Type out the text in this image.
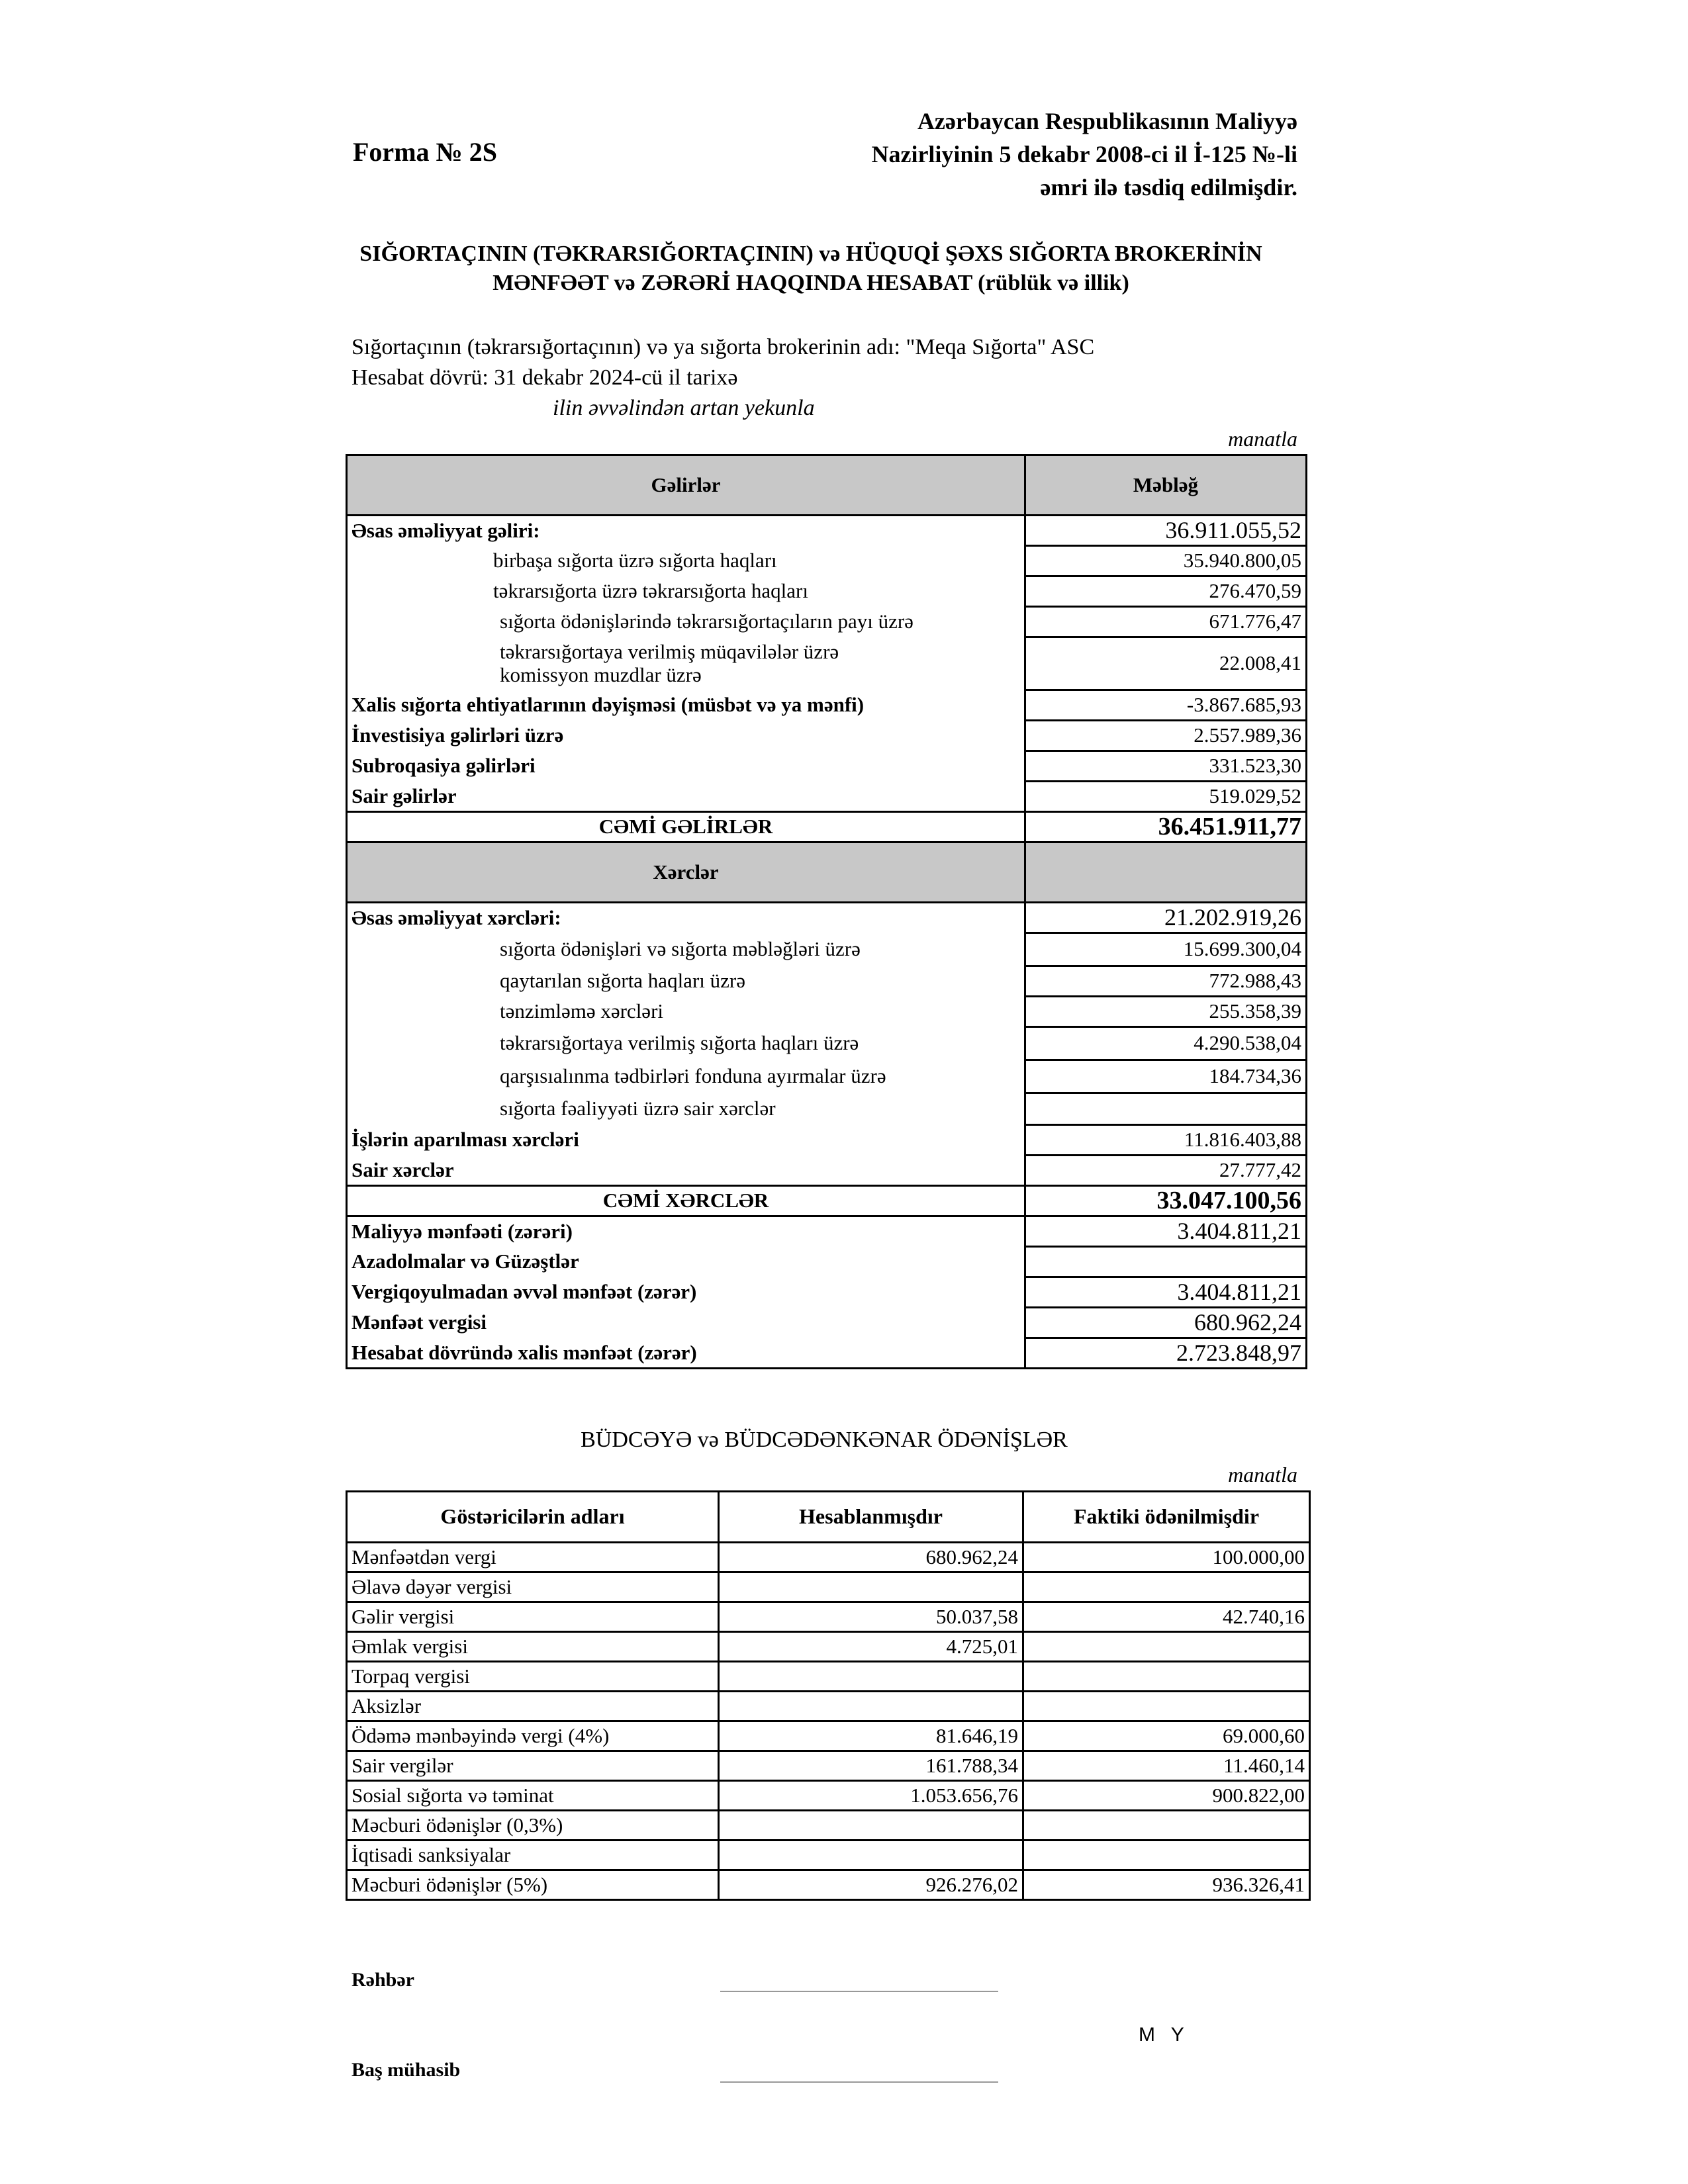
Forma № 2S
Azərbaycan Respublikasının Maliyyə
Nazirliyinin 5 dekabr 2008-ci il İ-125 №-li
əmri ilə təsdiq edilmişdir.
SIĞORTAÇININ (TƏKRARSIĞORTAÇININ) və HÜQUQİ ŞƏXS SIĞORTA BROKERİNİN
MƏNFƏƏT və ZƏRƏRİ HAQQINDA HESABAT (rüblük və illik)
Sığortaçının (təkrarsığortaçının) və ya sığorta brokerinin adı: "Meqa Sığorta" ASC
Hesabat dövrü: 31 dekabr 2024-cü il tarixə
ilin əvvəlindən artan yekunla
manatla
Gəlirlər	Məbləğ
Əsas əməliyyat gəliri:	36.911.055,52
birbaşa sığorta üzrə sığorta haqları	35.940.800,05
təkrarsığorta üzrə təkrarsığorta haqları	276.470,59
sığorta ödənişlərində təkrarsığortaçıların payı üzrə	671.776,47
təkrarsığortaya verilmiş müqavilələr üzrə komissyon muzdlar üzrə	22.008,41
Xalis sığorta ehtiyatlarının dəyişməsi (müsbət və ya mənfi)	-3.867.685,93
İnvestisiya gəlirləri üzrə	2.557.989,36
Subroqasiya gəlirləri	331.523,30
Sair gəlirlər	519.029,52
CƏMİ GƏLİRLƏR	36.451.911,77
Xərclər	
Əsas əməliyyat xərcləri:	21.202.919,26
sığorta ödənişləri və sığorta məbləğləri üzrə	15.699.300,04
qaytarılan sığorta haqları üzrə	772.988,43
tənzimləmə xərcləri	255.358,39
təkrarsığortaya verilmiş sığorta haqları üzrə	4.290.538,04
qarşısıalınma tədbirləri fonduna ayırmalar üzrə	184.734,36
sığorta fəaliyyəti üzrə sair xərclər	
İşlərin aparılması xərcləri	11.816.403,88
Sair xərclər	27.777,42
CƏMİ XƏRCLƏR	33.047.100,56
Maliyyə mənfəəti (zərəri)	3.404.811,21
Azadolmalar və Güzəştlər	
Vergiqoyulmadan əvvəl mənfəət (zərər)	3.404.811,21
Mənfəət vergisi	680.962,24
Hesabat dövründə xalis mənfəət (zərər)	2.723.848,97
BÜDCƏYƏ və BÜDCƏDƏNKƏNAR ÖDƏNİŞLƏR
manatla
Göstəricilərin adları	Hesablanmışdır	Faktiki ödənilmişdir
Mənfəətdən vergi	680.962,24	100.000,00
Əlavə dəyər vergisi		
Gəlir vergisi	50.037,58	42.740,16
Əmlak vergisi	4.725,01	
Torpaq vergisi		
Aksizlər		
Ödəmə mənbəyində vergi (4%)	81.646,19	69.000,60
Sair vergilər	161.788,34	11.460,14
Sosial sığorta və təminat	1.053.656,76	900.822,00
Məcburi ödənişlər (0,3%)		
İqtisadi sanksiyalar		
Məcburi ödənişlər (5%)	926.276,02	936.326,41
Rəhbər
M Y
Baş mühasib
